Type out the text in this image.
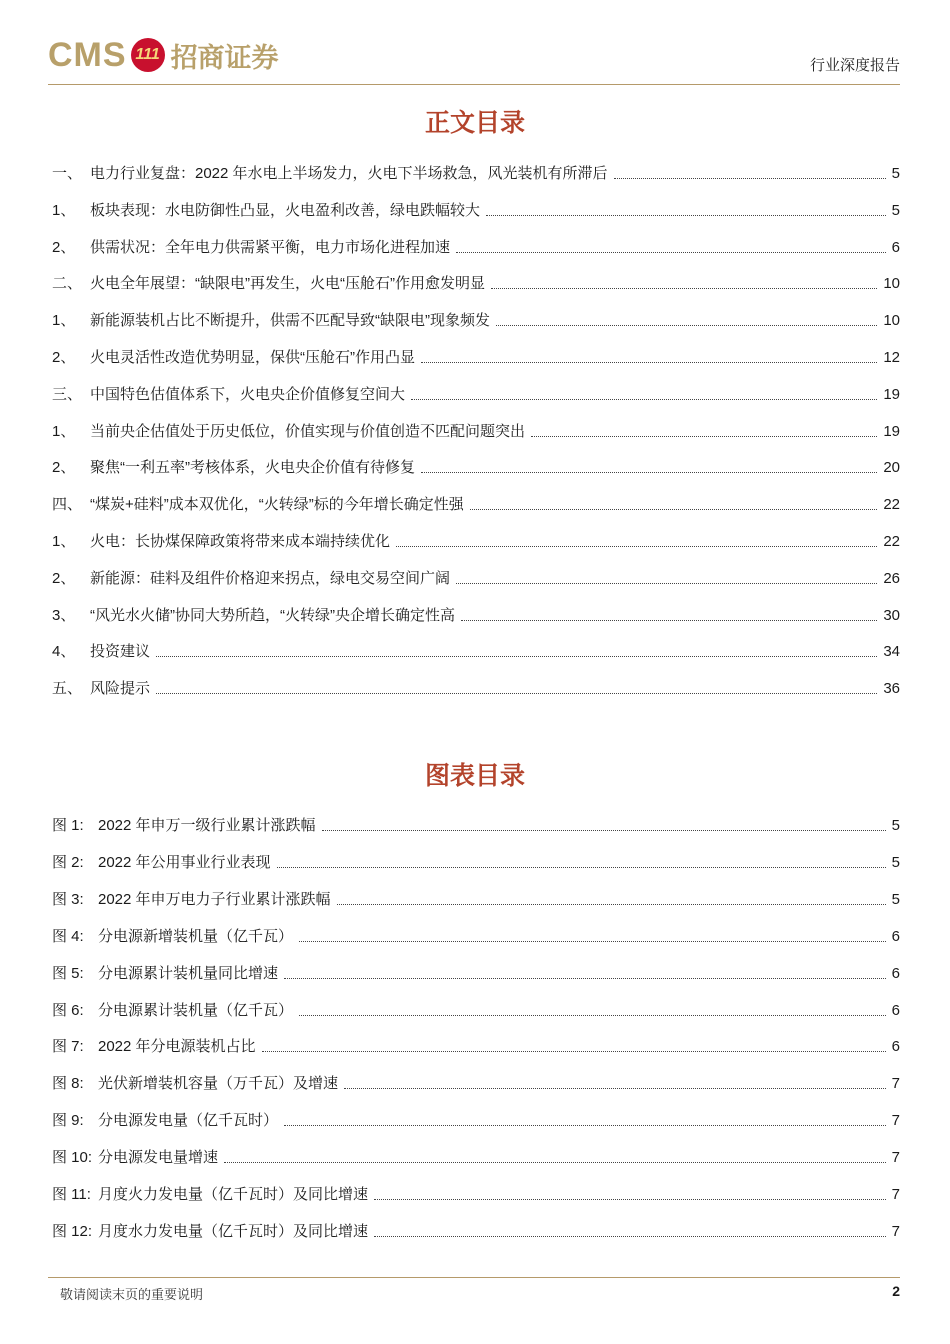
CMS 111 招商证券	行业深度报告
正文目录
一、 电力行业复盘：2022 年水电上半场发力，火电下半场救急，风光装机有所滞后	5
1、 板块表现：水电防御性凸显，火电盈利改善，绿电跌幅较大	5
2、 供需状况：全年电力供需紧平衡，电力市场化进程加速	6
二、 火电全年展望：“缺限电”再发生，火电“压舱石”作用愈发明显	10
1、 新能源装机占比不断提升，供需不匹配导致“缺限电”现象频发	10
2、 火电灵活性改造优势明显，保供“压舱石”作用凸显	12
三、 中国特色估值体系下，火电央企价值修复空间大	19
1、 当前央企估值处于历史低位，价值实现与价值创造不匹配问题突出	19
2、 聚焦“一利五率”考核体系，火电央企价值有待修复	20
四、 “煤炭+硅料”成本双优化，“火转绿”标的今年增长确定性强	22
1、 火电：长协煤保障政策将带来成本端持续优化	22
2、 新能源：硅料及组件价格迎来拐点，绿电交易空间广阔	26
3、 “风光水火储”协同大势所趋，“火转绿”央企增长确定性高	30
4、 投资建议	34
五、 风险提示	36
图表目录
图 1: 2022 年申万一级行业累计涨跌幅	5
图 2: 2022 年公用事业行业表现	5
图 3: 2022 年申万电力子行业累计涨跌幅	5
图 4: 分电源新增装机量（亿千瓦）	6
图 5: 分电源累计装机量同比增速	6
图 6: 分电源累计装机量（亿千瓦）	6
图 7: 2022 年分电源装机占比	6
图 8: 光伏新增装机容量（万千瓦）及增速	7
图 9: 分电源发电量（亿千瓦时）	7
图 10: 分电源发电量增速	7
图 11: 月度火力发电量（亿千瓦时）及同比增速	7
图 12: 月度水力发电量（亿千瓦时）及同比增速	7
敬请阅读末页的重要说明	2
